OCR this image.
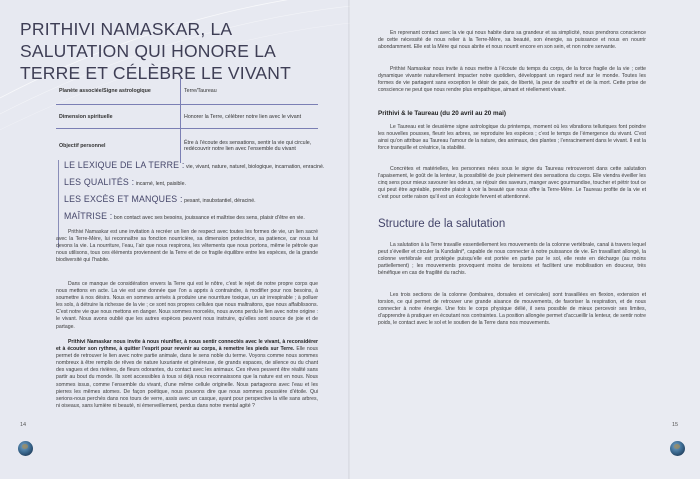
PRITHIVI NAMASKAR, LA SALUTATION QUI HONORE LA TERRE ET CÉLÈBRE LE VIVANT
Planète associée/Signe astrologique	Terre/Taureau
Dimension spirituelle	Honorer la Terre, célébrer notre lien avec le vivant
Objectif personnel	Être à l’écoute des sensations, sentir la vie qui circule, redécouvrir notre lien avec l’ensemble du vivant
LE LEXIQUE DE LA TERRE : vie, vivant, nature, naturel, biologique, incarnation, enraciné.
LES QUALITÉS : incarné, lent, paisible.
LES EXCÈS ET MANQUES : pesant, insubstantiel, déraciné.
MAÎTRISE : bon contact avec ses besoins, jouissance et maîtrise des sens, plaisir d’être en vie.
Prithivi Namaskar est une invitation à recréer un lien de respect avec toutes les formes de vie, un lien sacré avec la Terre-Mère, lui reconnaître sa fonction nourricière, sa dimension protectrice, sa patience, car nous lui devons la vie. La nourriture, l’eau, l’air que nous respirons, les vêtements que nous portons, même le pétrole que nous utilisons, tous ces éléments proviennent de la Terre et de ce fragile équilibre entre les espèces, de la grande biodiversité qui l’habite.
Dans ce manque de considération envers la Terre qui est le nôtre, c’est le rejet de notre propre corps que nous mettons en acte. La vie est une donnée que l’on a appris à contraindre, à modifier pour nos besoins, à soumettre à nos désirs. Nous en sommes arrivés à produire une nourriture toxique, un air irrespirable ; à polluer les sols, à détruire la richesse de la vie ; ce sont nos propres cellules que nous maltraitons, que nous affaiblissons. C’est notre vie que nous mettons en danger. Nous sommes morcelés, nous avons perdu le lien avec notre origine : le vivant. Nous avons oublié que les autres espèces peuvent nous instruire, qu’elles sont source de joie et de partage.
Prithivi Namaskar nous invite à nous réunifier, à nous sentir connectés avec le vivant, à reconsidérer et à écouter son rythme, à quitter l’esprit pour revenir au corps, à remettre les pieds sur Terre. Elle nous permet de retrouver le lien avec notre partie animale, dans le sens noble du terme. Voyons comme nous sommes nombreux à être remplis de rêves de nature luxuriante et généreuse, de grands espaces, de silence ou du chant des vagues et des rivières, de fleurs odorantes, du contact avec les animaux. Ces rêves peuvent être réalité sans partir au bout du monde. Ils sont accessibles à tous si déjà nous reconnaissons que la nature est en nous. Nous sommes issus, comme l’ensemble du vivant, d’une même cellule originelle. Nous partageons avec l’eau et les pierres les mêmes atomes. De façon poétique, nous pouvons dire que nous sommes poussière d’étoile. Qui serions-nous perchés dans nos tours de verre, assis avec un casque, ayant pour perspective la ville sans arbres, ni oiseaux, sans lumière ni beauté, ni émerveillement, perdus dans notre mental agité ?
14
En reprenant contact avec la vie qui nous habite dans sa grandeur et sa simplicité, nous prendrons conscience de cette nécessité de nous relier à la Terre-Mère, sa beauté, son énergie, sa puissance et nous en nourrir abondamment. Elle est la Mère qui nous abrite et nous nourrit encore en son sein, et non notre servante.
Prithivi Namaskar nous invite à nous mettre à l’écoute du temps du corps, de la force fragile de la vie ; cette dynamique vivante naturellement impacter notre quotidien, développant un regard neuf sur le monde. Toutes les formes de vie partagent sans exception le désir de paix, de liberté, la peur de souffrir et de la mort. Cette prise de conscience ne peut que nous rendre plus empathique, aimant et réellement vivant.
Prithivi & le Taureau (du 20 avril au 20 mai)
Le Taureau est le deuxième signe astrologique du printemps, moment où les vibrations telluriques font poindre les nouvelles pousses, fleurir les arbres, se reproduire les espèces ; c’est le temps de l’émergence du vivant. C’est ainsi qu’on attribue au Taureau l’amour de la nature, des animaux, des plantes ; l’enracinement dans le vivant. Il est la force tranquille et créatrice, la stabilité.
Concrètes et matérielles, les personnes nées sous le signe du Taureau retrouveront dans cette salutation l’apaisement, le goût de la lenteur, la possibilité de jouir pleinement des sensations du corps. Elle viendra éveiller les cinq sens pour mieux savourer les odeurs, se réjouir des saveurs, manger avec gourmandise, toucher et pétrir tout ce qui peut être agréable, prendre plaisir à voir la beauté que nous offre la Terre-Mère. Le Taureau profite de la vie et c’est pour cette raison qu’il est un écologiste fervent et attentionné.
Structure de la salutation
La salutation à la Terre travaille essentiellement les mouvements de la colonne vertébrale, canal à travers lequel peut s’éveiller et circuler la Kundalini*, capable de nous connecter à notre puissance de vie. En travaillant allongé, la colonne vertébrale est protégée puisqu’elle est portée en partie par le sol, elle reste en décharge (au moins partiellement) ; les mouvements provoquent moins de tensions et facilitent une mobilisation en douceur, très bénéfique en cas de fragilité du rachis.
Les trois sections de la colonne (lombaires, dorsales et cervicales) sont travaillées en flexion, extension et torsion, ce qui permet de retrouver une grande aisance de mouvements, de favoriser la respiration, et de nous connecter à notre énergie. Une fois le corps physique délié, il sera possible de mieux percevoir ses limites, d’apprendre à pratiquer en écoutant nos contraintes. La position allongée permet d’accueillir la lenteur, de sentir notre poids, le contact avec le sol et le soutien de la Terre dans nos mouvements.
15
